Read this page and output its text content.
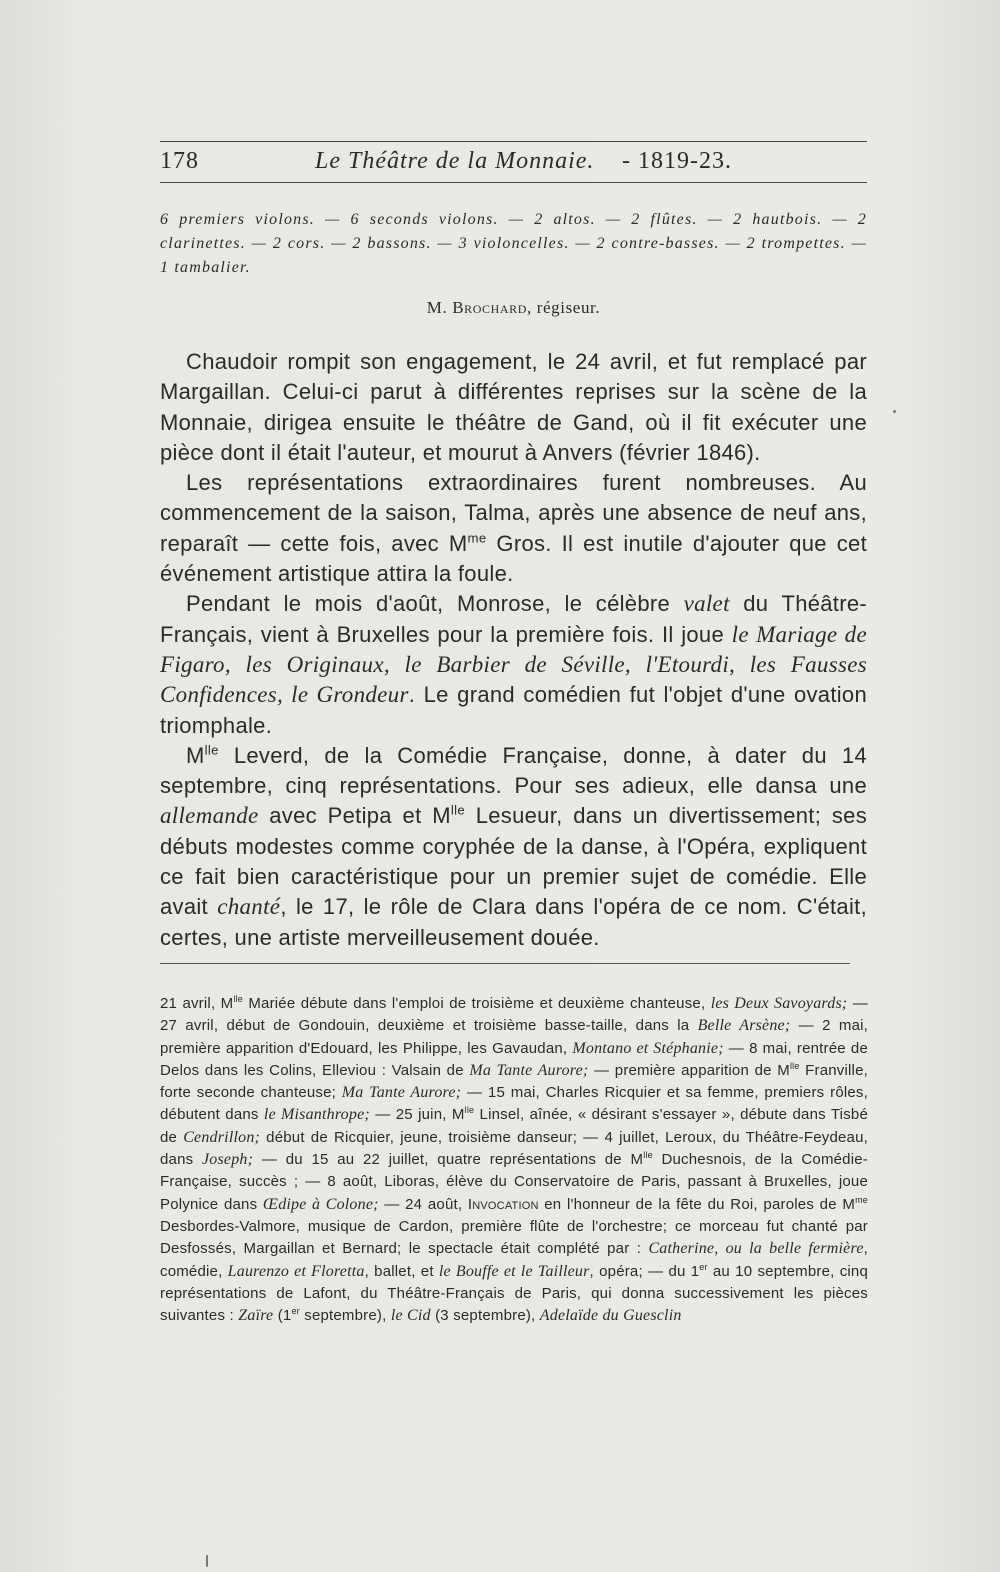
178	Le Théâtre de la Monnaie. - 1819-23.
6 premiers violons. — 6 seconds violons. — 2 altos. — 2 flûtes. — 2 hautbois. — 2 clarinettes. — 2 cors. — 2 bassons. — 3 violoncelles. — 2 contre-basses. — 2 trompettes. — 1 tambalier.
M. Brochard, régiseur.

Chaudoir rompit son engagement, le 24 avril, et fut remplacé par Margaillan. Celui-ci parut à différentes reprises sur la scène de la Monnaie, dirigea ensuite le théâtre de Gand, où il fit exécuter une pièce dont il était l'auteur, et mourut à Anvers (février 1846).

Les représentations extraordinaires furent nombreuses. Au commencement de la saison, Talma, après une absence de neuf ans, reparaît — cette fois, avec $M^{me}$ Gros. Il est inutile d'ajouter que cet événement artistique attira la foule.

Pendant le mois d'août, Monrose, le célèbre valet du Théâtre-Français, vient à Bruxelles pour la première fois. Il joue le Mariage de Figaro, les Originaux, le Barbier de Séville, l'Etourdi, les Fausses Confidences, le Grondeur. Le grand comédien fut l'objet d'une ovation triomphale.

$M^{lle}$ Leverd, de la Comédie Française, donne, à dater du 14 septembre, cinq représentations. Pour ses adieux, elle dansa une allemande avec Petipa et $M^{lle}$ Lesueur, dans un divertissement; ses débuts modestes comme coryphée de la danse, à l'Opéra, expliquent ce fait bien caractéristique pour un premier sujet de comédie. Elle avait chanté, le 17, le rôle de Clara dans l'opéra de ce nom. C'était, certes, une artiste merveilleusement douée.

21 avril, $M^{lle}$ Mariée débute dans l'emploi de troisième et deuxième chanteuse, les Deux Savoyards; — 27 avril, début de Gondouin, deuxième et troisième basse-taille, dans la Belle Arsène; — 2 mai, première apparition d'Edouard, les Philippe, les Gavaudan, Montano et Stéphanie; — 8 mai, rentrée de Delos dans les Colins, Elleviou : Valsain de Ma Tante Aurore; — première apparition de $M^{lle}$ Franville, forte seconde chanteuse; Ma Tante Aurore; — 15 mai, Charles Ricquier et sa femme, premiers rôles, débutent dans le Misanthrope; — 25 juin, $M^{lle}$ Linsel, aînée, « désirant s'essayer », débute dans Tisbé de Cendrillon; début de Ricquier, jeune, troisième danseur; — 4 juillet, Leroux, du Théâtre-Feydeau, dans Joseph; — du 15 au 22 juillet, quatre représentations de $M^{lle}$ Duchesnois, de la Comédie-Française, succès ; — 8 août, Liboras, élève du Conservatoire de Paris, passant à Bruxelles, joue Polynice dans Œdipe à Colone; — 24 août, Invocation en l'honneur de la fête du Roi, paroles de $M^{me}$ Desbordes-Valmore, musique de Cardon, première flûte de l'orchestre; ce morceau fut chanté par Desfossés, Margaillan et Bernard; le spectacle était complété par : Catherine, ou la belle fermière, comédie, Laurenzo et Floretta, ballet, et le Bouffe et le Tailleur, opéra; — du 1er au 10 septembre, cinq représentations de Lafont, du Théâtre-Français de Paris, qui donna successivement les pièces suivantes : Zaïre (1er septembre), le Cid (3 septembre), Adelaïde du Guesclin
